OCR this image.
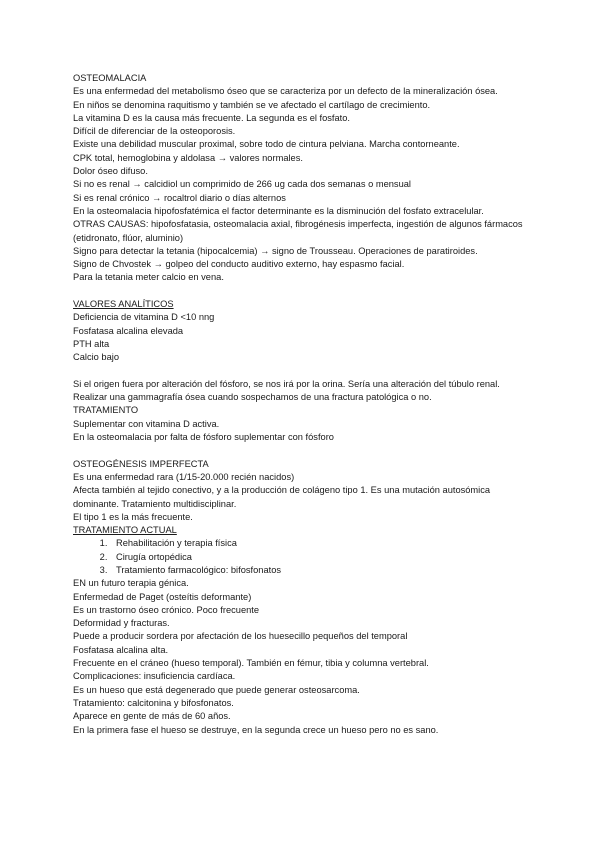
OSTEOMALACIA
Es una enfermedad del metabolismo óseo que se caracteriza por un defecto de la mineralización ósea.
En niños se denomina raquitismo y también se ve afectado el cartílago de crecimiento.
La vitamina D es la causa más frecuente. La segunda es el fosfato.
Difícil de diferenciar de la osteoporosis.
Existe una debilidad muscular proximal, sobre todo de cintura pelviana. Marcha contorneante.
CPK total, hemoglobina y aldolasa → valores normales.
Dolor óseo difuso.
Si no es renal → calcidiol un comprimido de 266 ug cada dos semanas o mensual
Si es renal crónico → rocaltrol diario o días alternos
En la osteomalacia hipofosfatémica el factor determinante es la disminución del fosfato extracelular.
OTRAS CAUSAS: hipofosfatasia, osteomalacia axial, fibrogénesis imperfecta, ingestión de algunos fármacos (etidronato, flúor, aluminio)
Signo para detectar la tetania (hipocalcemia) → signo de Trousseau. Operaciones de paratiroides.
Signo de Chvostek → golpeo del conducto auditivo externo, hay espasmo facial.
Para la tetania meter calcio en vena.
VALORES ANALÍTICOS
Deficiencia de vitamina D <10 nng
Fosfatasa alcalina elevada
PTH alta
Calcio bajo
Si el origen fuera por alteración del fósforo, se nos irá por la orina. Sería una alteración del túbulo renal.
Realizar una gammagrafía ósea cuando sospechamos de una fractura patológica o no.
TRATAMIENTO
Suplementar con vitamina D activa.
En la osteomalacia por falta de fósforo suplementar con fósforo
OSTEOGÉNESIS IMPERFECTA
Es una enfermedad rara (1/15-20.000 recién nacidos)
Afecta también al tejido conectivo, y a la producción de colágeno tipo 1. Es una mutación autosómica dominante. Tratamiento multidisciplinar.
El tipo 1 es la más frecuente.
TRATAMIENTO ACTUAL
1. Rehabilitación y terapia física
2. Cirugía ortopédica
3. Tratamiento farmacológico: bifosfonatos
EN un futuro terapia génica.
Enfermedad de Paget (osteítis deformante)
Es un trastorno óseo crónico. Poco frecuente
Deformidad y fracturas.
Puede a producir sordera por afectación de los huesecillo pequeños del temporal
Fosfatasa alcalina alta.
Frecuente en el cráneo (hueso temporal). También en fémur, tibia y columna vertebral.
Complicaciones: insuficiencia cardíaca.
Es un hueso que está degenerado que puede generar osteosarcoma.
Tratamiento: calcitonina y bifosfonatos.
Aparece en gente de más de 60 años.
En la primera fase el hueso se destruye, en la segunda crece un hueso pero no es sano.
